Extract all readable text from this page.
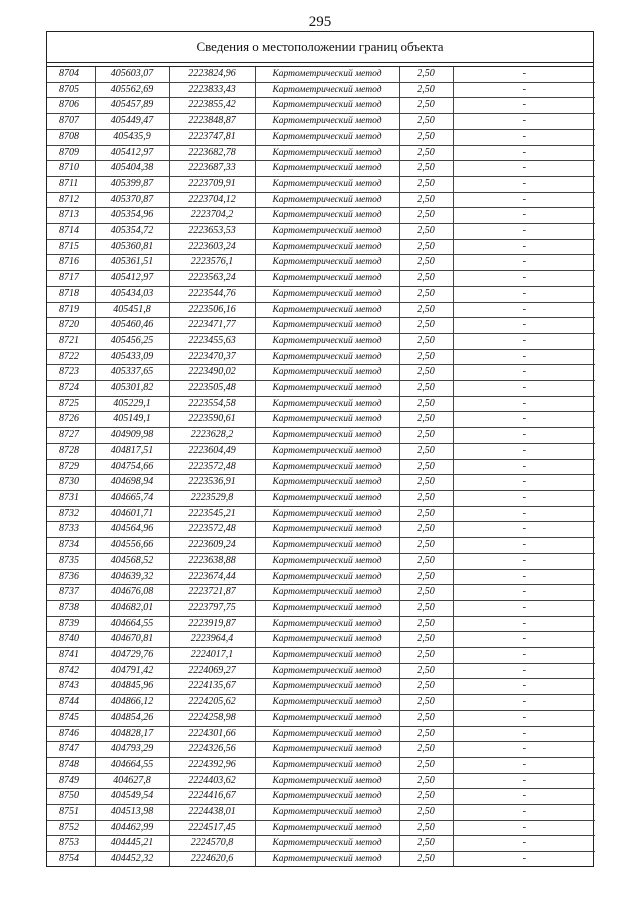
295
Сведения о местоположении границ объекта
8704	405603,07	2223824,96	Картометрический метод	2,50	-
8705	405562,69	2223833,43	Картометрический метод	2,50	-
8706	405457,89	2223855,42	Картометрический метод	2,50	-
8707	405449,47	2223848,87	Картометрический метод	2,50	-
8708	405435,9	2223747,81	Картометрический метод	2,50	-
8709	405412,97	2223682,78	Картометрический метод	2,50	-
8710	405404,38	2223687,33	Картометрический метод	2,50	-
8711	405399,87	2223709,91	Картометрический метод	2,50	-
8712	405370,87	2223704,12	Картометрический метод	2,50	-
8713	405354,96	2223704,2	Картометрический метод	2,50	-
8714	405354,72	2223653,53	Картометрический метод	2,50	-
8715	405360,81	2223603,24	Картометрический метод	2,50	-
8716	405361,51	2223576,1	Картометрический метод	2,50	-
8717	405412,97	2223563,24	Картометрический метод	2,50	-
8718	405434,03	2223544,76	Картометрический метод	2,50	-
8719	405451,8	2223506,16	Картометрический метод	2,50	-
8720	405460,46	2223471,77	Картометрический метод	2,50	-
8721	405456,25	2223455,63	Картометрический метод	2,50	-
8722	405433,09	2223470,37	Картометрический метод	2,50	-
8723	405337,65	2223490,02	Картометрический метод	2,50	-
8724	405301,82	2223505,48	Картометрический метод	2,50	-
8725	405229,1	2223554,58	Картометрический метод	2,50	-
8726	405149,1	2223590,61	Картометрический метод	2,50	-
8727	404909,98	2223628,2	Картометрический метод	2,50	-
8728	404817,51	2223604,49	Картометрический метод	2,50	-
8729	404754,66	2223572,48	Картометрический метод	2,50	-
8730	404698,94	2223536,91	Картометрический метод	2,50	-
8731	404665,74	2223529,8	Картометрический метод	2,50	-
8732	404601,71	2223545,21	Картометрический метод	2,50	-
8733	404564,96	2223572,48	Картометрический метод	2,50	-
8734	404556,66	2223609,24	Картометрический метод	2,50	-
8735	404568,52	2223638,88	Картометрический метод	2,50	-
8736	404639,32	2223674,44	Картометрический метод	2,50	-
8737	404676,08	2223721,87	Картометрический метод	2,50	-
8738	404682,01	2223797,75	Картометрический метод	2,50	-
8739	404664,55	2223919,87	Картометрический метод	2,50	-
8740	404670,81	2223964,4	Картометрический метод	2,50	-
8741	404729,76	2224017,1	Картометрический метод	2,50	-
8742	404791,42	2224069,27	Картометрический метод	2,50	-
8743	404845,96	2224135,67	Картометрический метод	2,50	-
8744	404866,12	2224205,62	Картометрический метод	2,50	-
8745	404854,26	2224258,98	Картометрический метод	2,50	-
8746	404828,17	2224301,66	Картометрический метод	2,50	-
8747	404793,29	2224326,56	Картометрический метод	2,50	-
8748	404664,55	2224392,96	Картометрический метод	2,50	-
8749	404627,8	2224403,62	Картометрический метод	2,50	-
8750	404549,54	2224416,67	Картометрический метод	2,50	-
8751	404513,98	2224438,01	Картометрический метод	2,50	-
8752	404462,99	2224517,45	Картометрический метод	2,50	-
8753	404445,21	2224570,8	Картометрический метод	2,50	-
8754	404452,32	2224620,6	Картометрический метод	2,50	-
